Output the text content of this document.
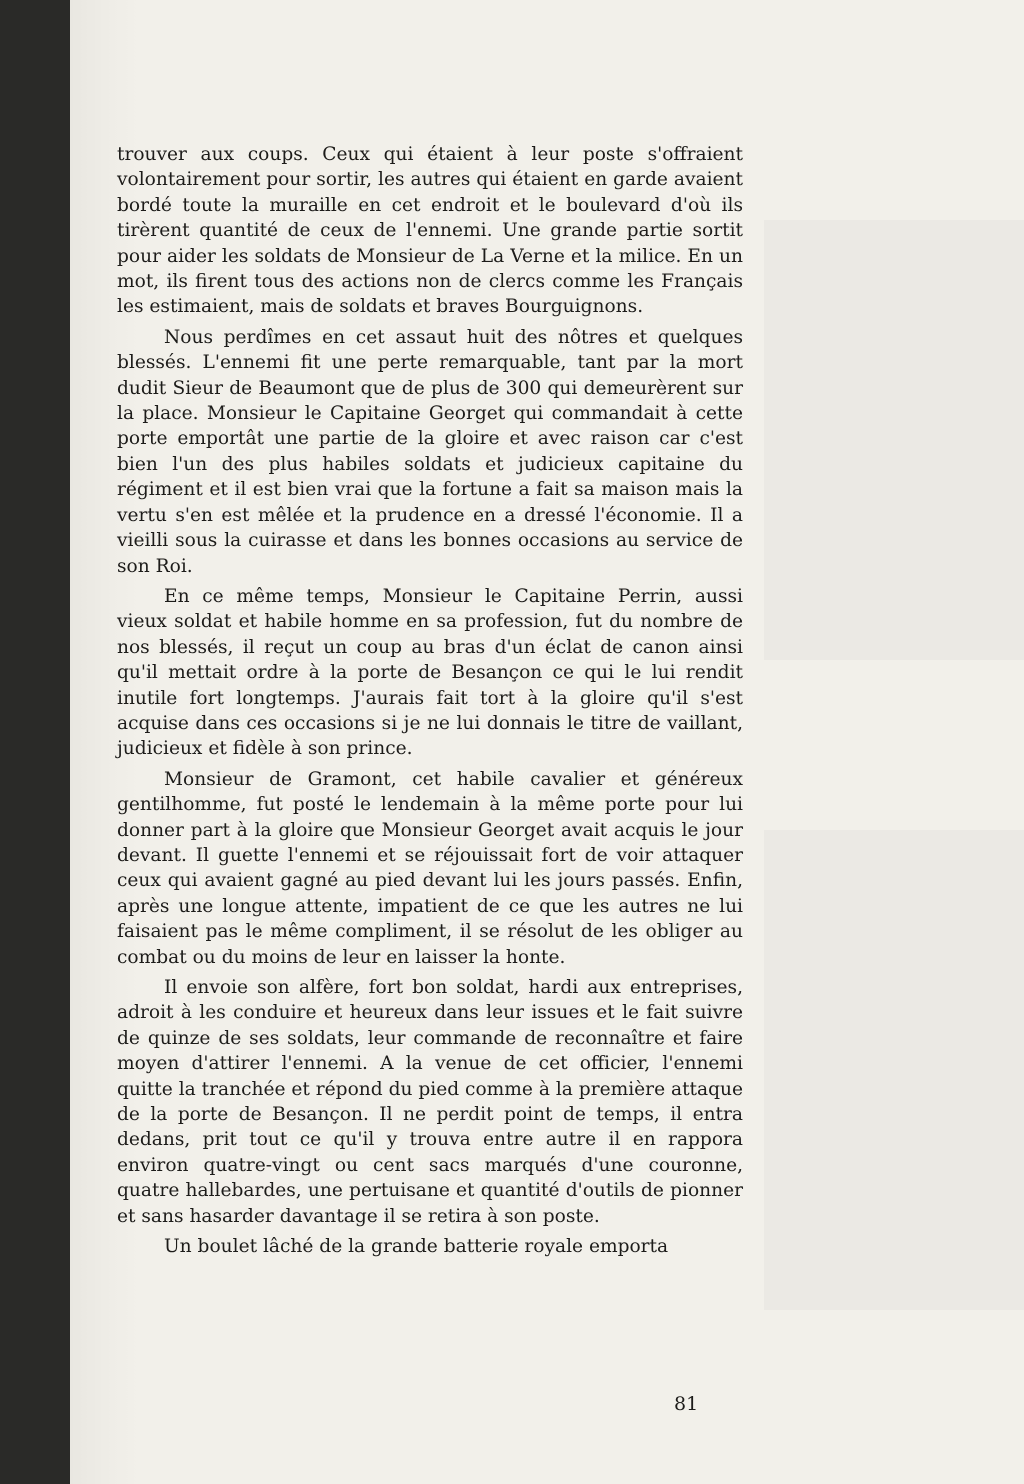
trouver aux coups. Ceux qui étaient à leur poste s'offraient volontairement pour sortir, les autres qui étaient en garde avaient bordé toute la muraille en cet endroit et le boulevard d'où ils tirèrent quantité de ceux de l'ennemi. Une grande partie sortit pour aider les soldats de Monsieur de La Verne et la milice. En un mot, ils firent tous des actions non de clercs comme les Français les estimaient, mais de soldats et braves Bourguignons.

Nous perdîmes en cet assaut huit des nôtres et quelques blessés. L'ennemi fit une perte remarquable, tant par la mort dudit Sieur de Beaumont que de plus de 300 qui demeurèrent sur la place. Monsieur le Capitaine Georget qui commandait à cette porte emportât une partie de la gloire et avec raison car c'est bien l'un des plus habiles soldats et judicieux capitaine du régiment et il est bien vrai que la fortune a fait sa maison mais la vertu s'en est mêlée et la prudence en a dressé l'économie. Il a vieilli sous la cuirasse et dans les bonnes occasions au service de son Roi.

En ce même temps, Monsieur le Capitaine Perrin, aussi vieux soldat et habile homme en sa profession, fut du nombre de nos blessés, il reçut un coup au bras d'un éclat de canon ainsi qu'il mettait ordre à la porte de Besançon ce qui le lui rendit inutile fort longtemps. J'aurais fait tort à la gloire qu'il s'est acquise dans ces occasions si je ne lui donnais le titre de vaillant, judicieux et fidèle à son prince.

Monsieur de Gramont, cet habile cavalier et généreux gentilhomme, fut posté le lendemain à la même porte pour lui donner part à la gloire que Monsieur Georget avait acquis le jour devant. Il guette l'ennemi et se réjouissait fort de voir attaquer ceux qui avaient gagné au pied devant lui les jours passés. Enfin, après une longue attente, impatient de ce que les autres ne lui faisaient pas le même compliment, il se résolut de les obliger au combat ou du moins de leur en laisser la honte.

Il envoie son alfère, fort bon soldat, hardi aux entreprises, adroit à les conduire et heureux dans leur issues et le fait suivre de quinze de ses soldats, leur commande de reconnaître et faire moyen d'attirer l'ennemi. A la venue de cet officier, l'ennemi quitte la tranchée et répond du pied comme à la première attaque de la porte de Besançon. Il ne perdit point de temps, il entra dedans, prit tout ce qu'il y trouva entre autre il en rappora environ quatre-vingt ou cent sacs marqués d'une couronne, quatre hallebardes, une pertuisane et quantité d'outils de pionner et sans hasarder davantage il se retira à son poste.

Un boulet lâché de la grande batterie royale emporta

81
